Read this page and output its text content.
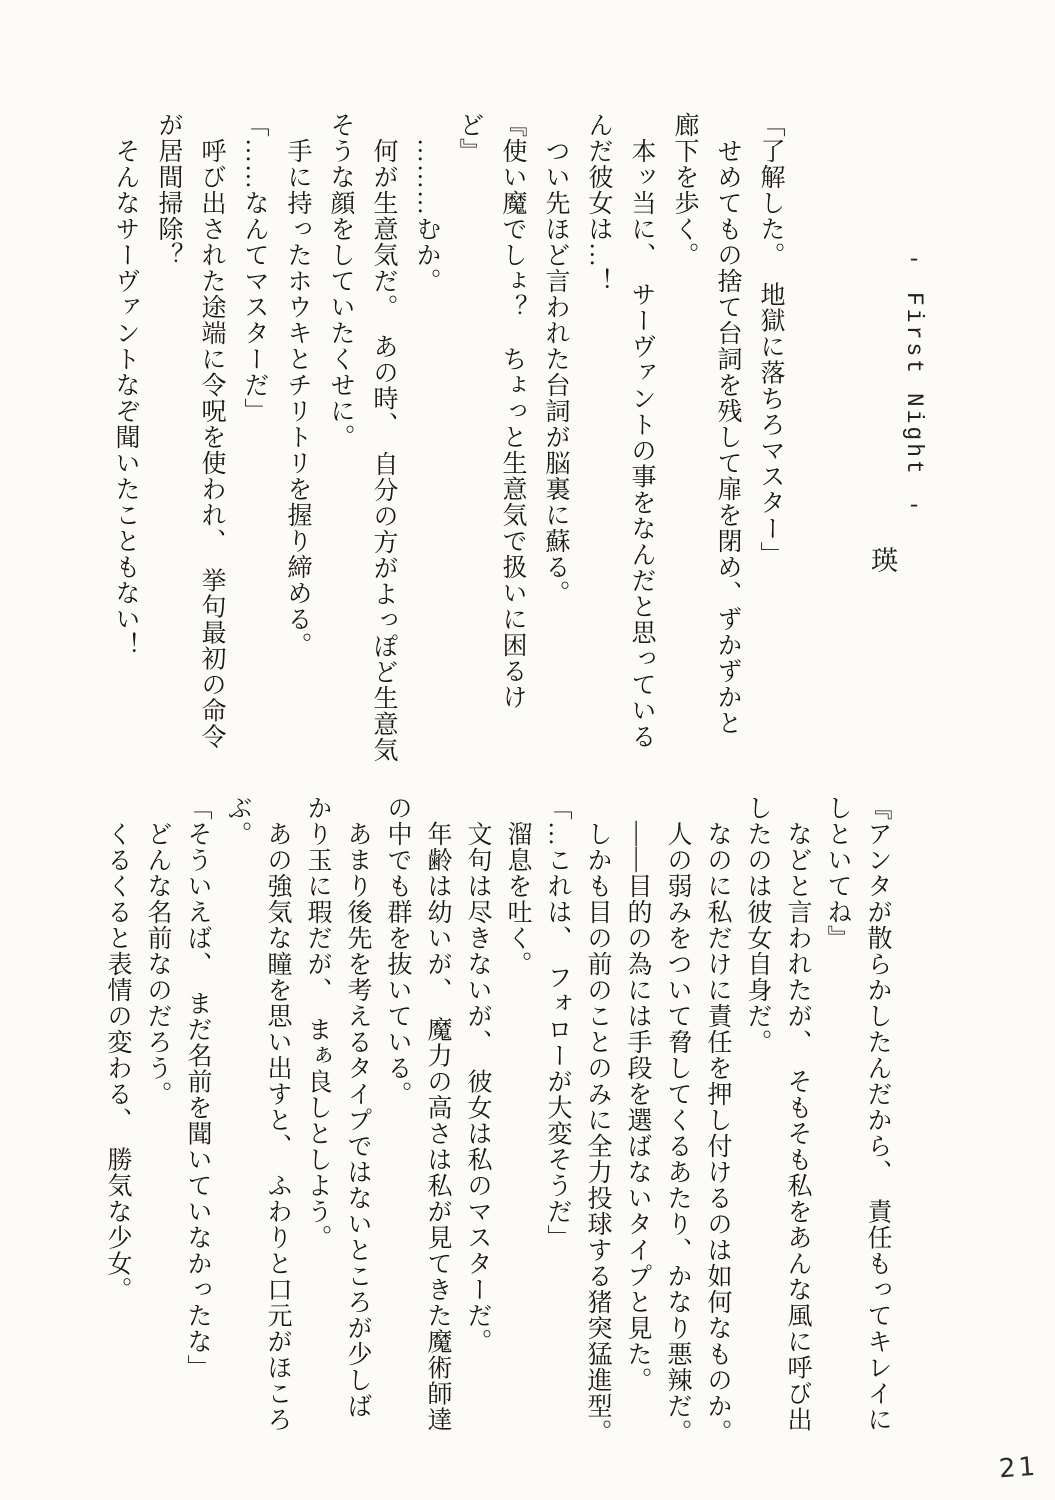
-First Night-
瑛

「了解した。　地獄に落ちろマスター」

せめてもの捨て台詞を残して扉を閉め、ずかずかと

廊下を歩く。

本ッ当に、　サーヴァントの事をなんだと思っている

んだ彼女は…！

つい先ほど言われた台詞が脳裏に蘇る。

『使い魔でしょ？　ちょっと生意気で扱いに困るけ

ど』

………むか。

何が生意気だ。　あの時、　自分の方がよっぽど生意気

そうな顔をしていたくせに。

手に持ったホウキとチリトリを握り締める。

「……なんてマスターだ」

呼び出された途端に令呪を使われ、　挙句最初の命令

が居間掃除？

そんなサーヴァントなぞ聞いたこともない！

『アンタが散らかしたんだから、　責任もってキレイに

しといてね』

などと言われたが、　そもそも私をあんな風に呼び出

したのは彼女自身だ。

なのに私だけに責任を押し付けるのは如何なものか。

人の弱みをついて脅してくるあたり、かなり悪辣だ。

――目的の為には手段を選ばないタイプと見た。

しかも目の前のことのみに全力投球する猪突猛進型。

「…これは、　フォローが大変そうだ」

溜息を吐く。

文句は尽きないが、　彼女は私のマスターだ。

年齢は幼いが、　魔力の高さは私が見てきた魔術師達

の中でも群を抜いている。

あまり後先を考えるタイプではないところが少しば

かり玉に瑕だが、　まぁ良しとしよう。

あの強気な瞳を思い出すと、　ふわりと口元がほころ

ぶ。

「そういえば、　まだ名前を聞いていなかったな」

どんな名前なのだろう。

くるくると表情の変わる、　勝気な少女。

21
